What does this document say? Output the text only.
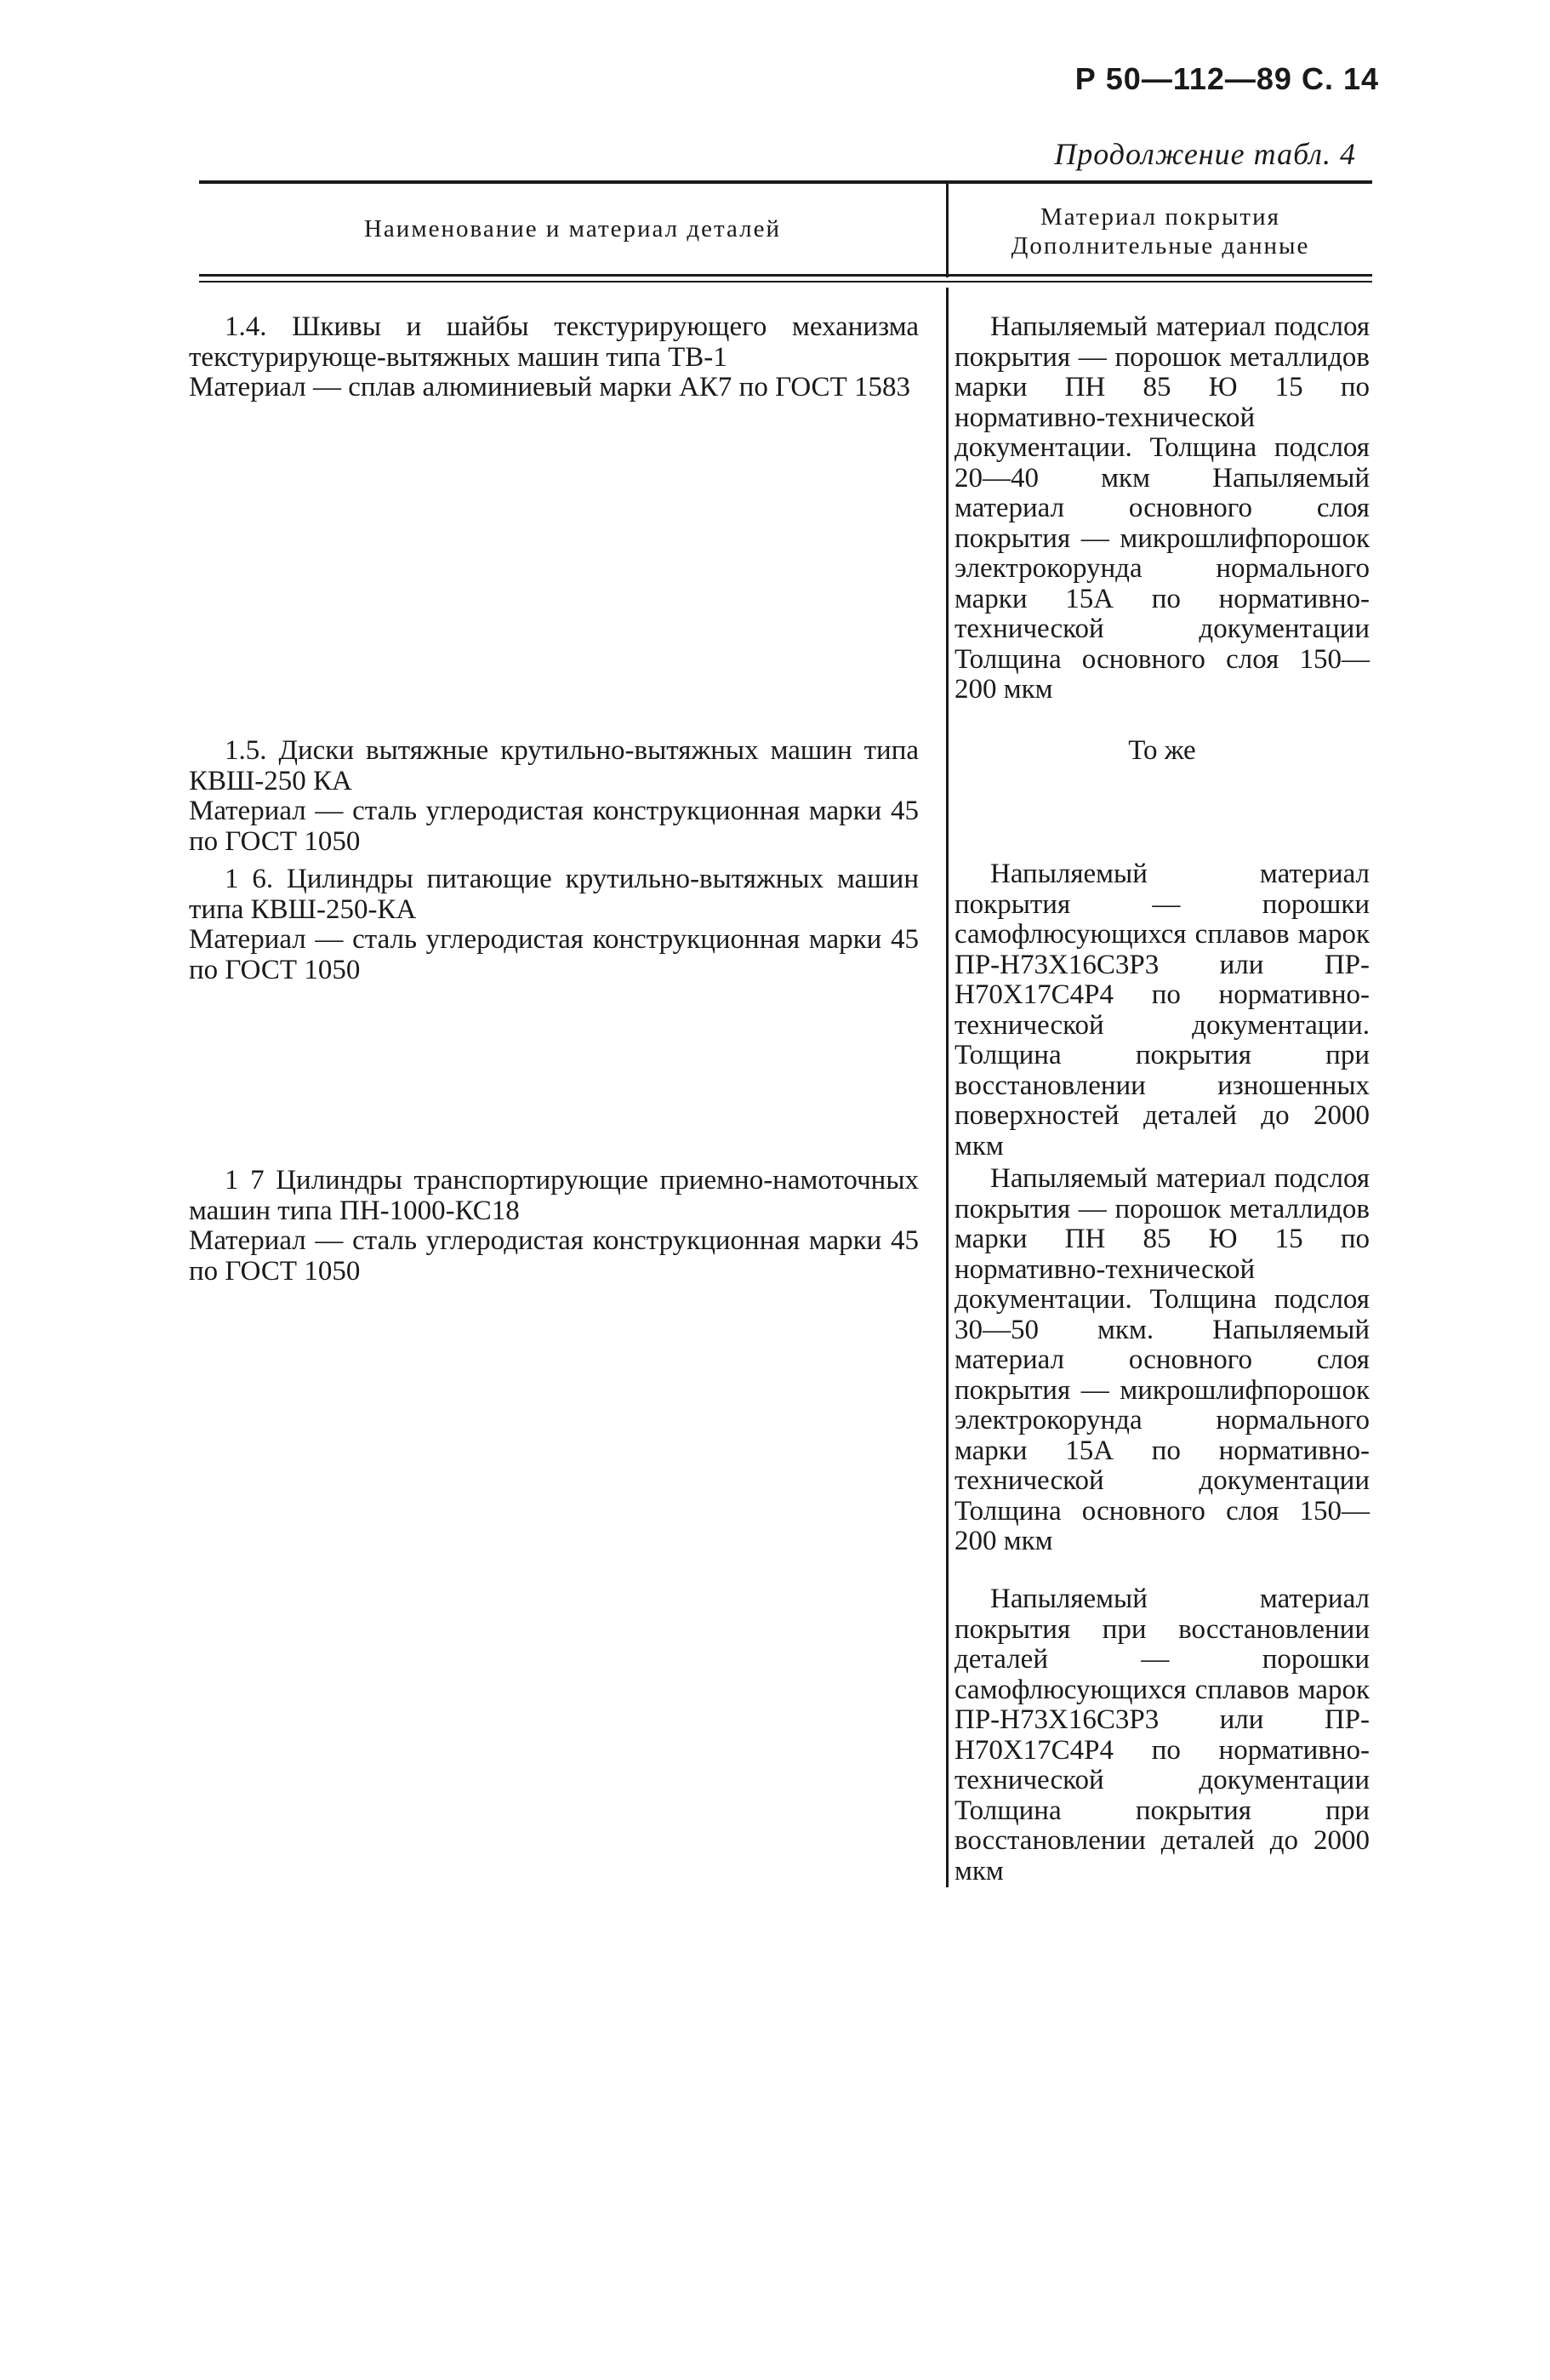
Р 50—112—89 С. 14
Продолжение табл. 4
Наименование и материал деталей	Материал покрытия
Дополнительные данные

1.4. Шкивы и шайбы текстурирующего механизма текстурирующе-вытяжных машин типа ТВ-1

Материал — сплав алюминиевый марки АК7 по ГОСТ 1583

Напыляемый материал подслоя покрытия — порошок металлидов марки ПН 85 Ю 15 по нормативно-технической документации. Толщина подслоя 20—40 мкм Напыляемый материал основного слоя покрытия — микрошлифпорошок электрокорунда нормального марки 15А по нормативно-технической документации Толщина основного слоя 150—200 мкм

1.5. Диски вытяжные крутильно-вытяжных машин типа КВШ-250 КА

Материал — сталь углеродистая конструкционная марки 45 по ГОСТ 1050

То же

1 6. Цилиндры питающие крутильно-вытяжных машин типа КВШ-250-КА

Материал — сталь углеродистая конструкционная марки 45 по ГОСТ 1050

Напыляемый материал покрытия — порошки самофлюсующихся сплавов марок ПР-Н73Х16С3Р3 или ПР-Н70Х17С4Р4 по нормативно-технической документации. Толщина покрытия при восстановлении изношенных поверхностей деталей до 2000 мкм

1 7 Цилиндры транспортирующие приемно-намоточных машин типа ПН-1000-КС18

Материал — сталь углеродистая конструкционная марки 45 по ГОСТ 1050

Напыляемый материал подслоя покрытия — порошок металлидов марки ПН 85 Ю 15 по нормативно-технической документации. Толщина подслоя 30—50 мкм. Напыляемый материал основного слоя покрытия — микрошлифпорошок электрокорунда нормального марки 15А по нормативно-технической документации Толщина основного слоя 150—200 мкм
Напыляемый материал покрытия при восстановлении деталей — порошки самофлюсующихся сплавов марок ПР-Н73Х16С3Р3 или ПР-Н70Х17С4Р4 по нормативно-технической документации Толщина покрытия при восстановлении деталей до 2000 мкм
